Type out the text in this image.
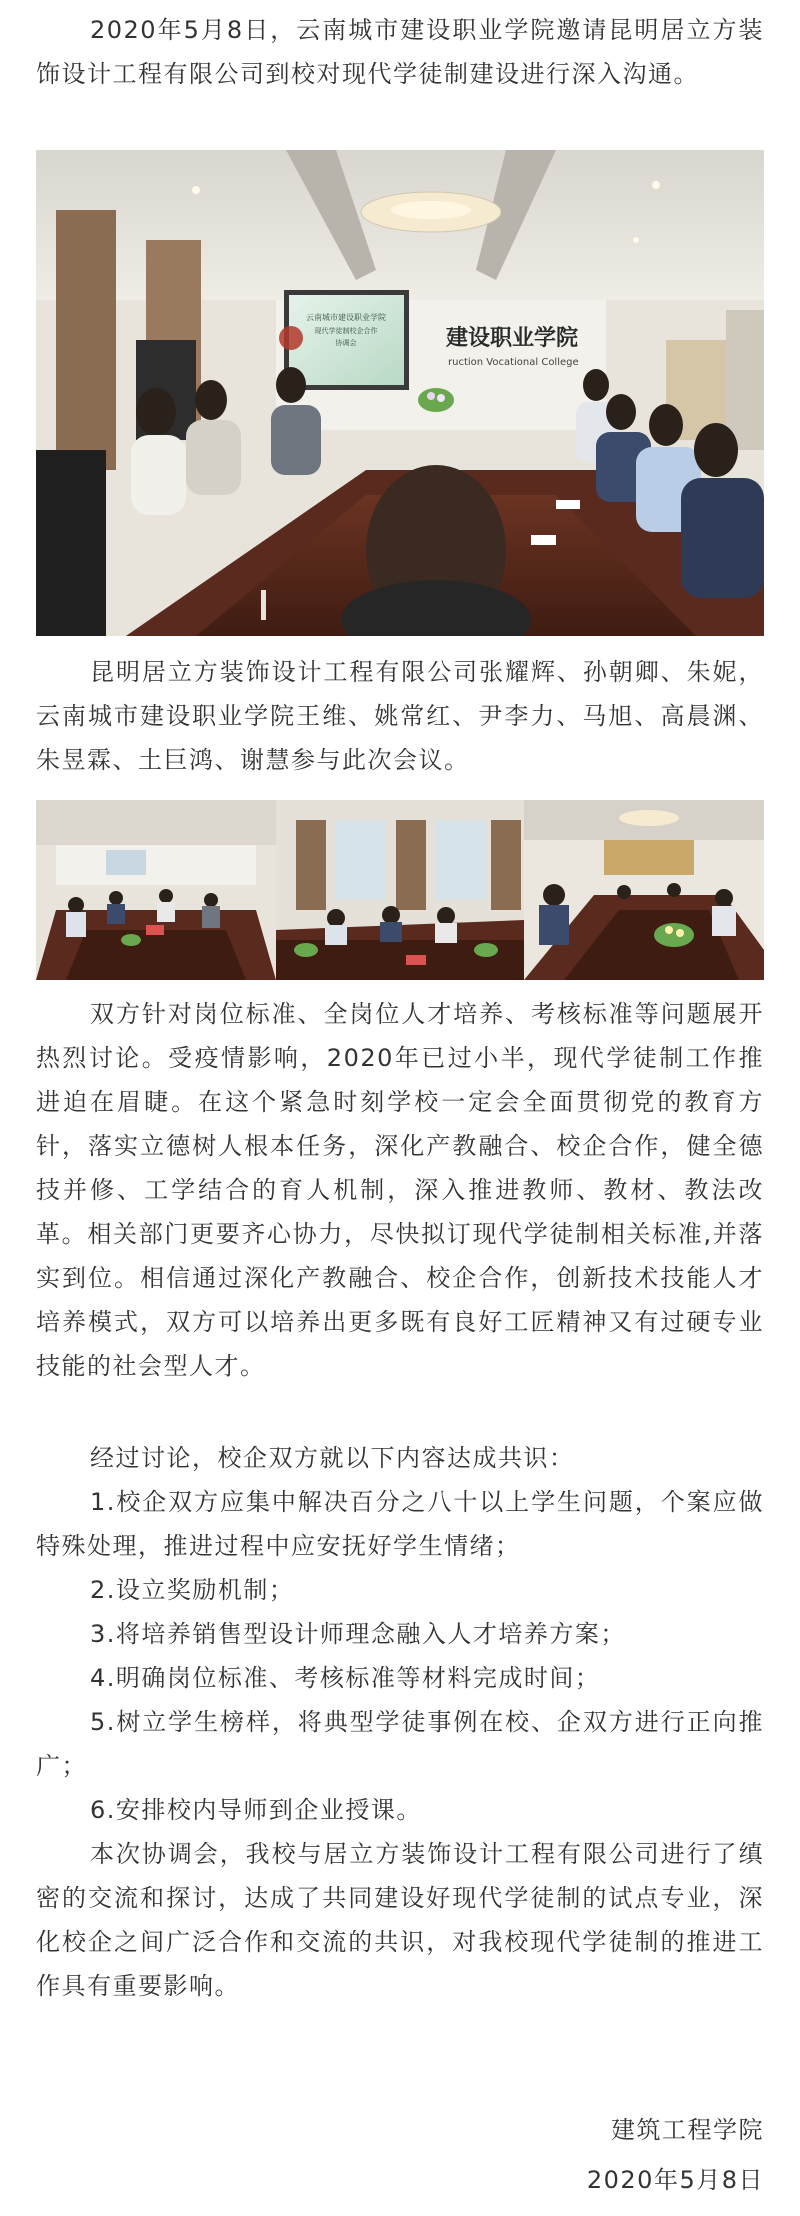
2020年5月8日，云南城市建设职业学院邀请昆明居立方装饰设计工程有限公司到校对现代学徒制建设进行深入沟通。

云南城市建设职业学院
现代学徒制校企合作
协调会	建设职业学院
ruction Vocational College

昆明居立方装饰设计工程有限公司张耀辉、孙朝卿、朱妮，云南城市建设职业学院王维、姚常红、尹李力、马旭、高晨渊、朱昱霖、土巨鸿、谢慧参与此次会议。

双方针对岗位标准、全岗位人才培养、考核标准等问题展开热烈讨论。受疫情影响，2020年已过小半，现代学徒制工作推进迫在眉睫。在这个紧急时刻学校一定会全面贯彻党的教育方针，落实立德树人根本任务，深化产教融合、校企合作，健全德技并修、工学结合的育人机制，深入推进教师、教材、教法改革。相关部门更要齐心协力，尽快拟订现代学徒制相关标准,并落实到位。相信通过深化产教融合、校企合作，创新技术技能人才培养模式，双方可以培养出更多既有良好工匠精神又有过硬专业技能的社会型人才。

经过讨论，校企双方就以下内容达成共识：

1.校企双方应集中解决百分之八十以上学生问题，个案应做特殊处理，推进过程中应安抚好学生情绪；

2.设立奖励机制；

3.将培养销售型设计师理念融入人才培养方案；

4.明确岗位标准、考核标准等材料完成时间；

5.树立学生榜样，将典型学徒事例在校、企双方进行正向推广；

6.安排校内导师到企业授课。

本次协调会，我校与居立方装饰设计工程有限公司进行了缜密的交流和探讨，达成了共同建设好现代学徒制的试点专业，深化校企之间广泛合作和交流的共识，对我校现代学徒制的推进工作具有重要影响。

建筑工程学院

2020年5月8日
